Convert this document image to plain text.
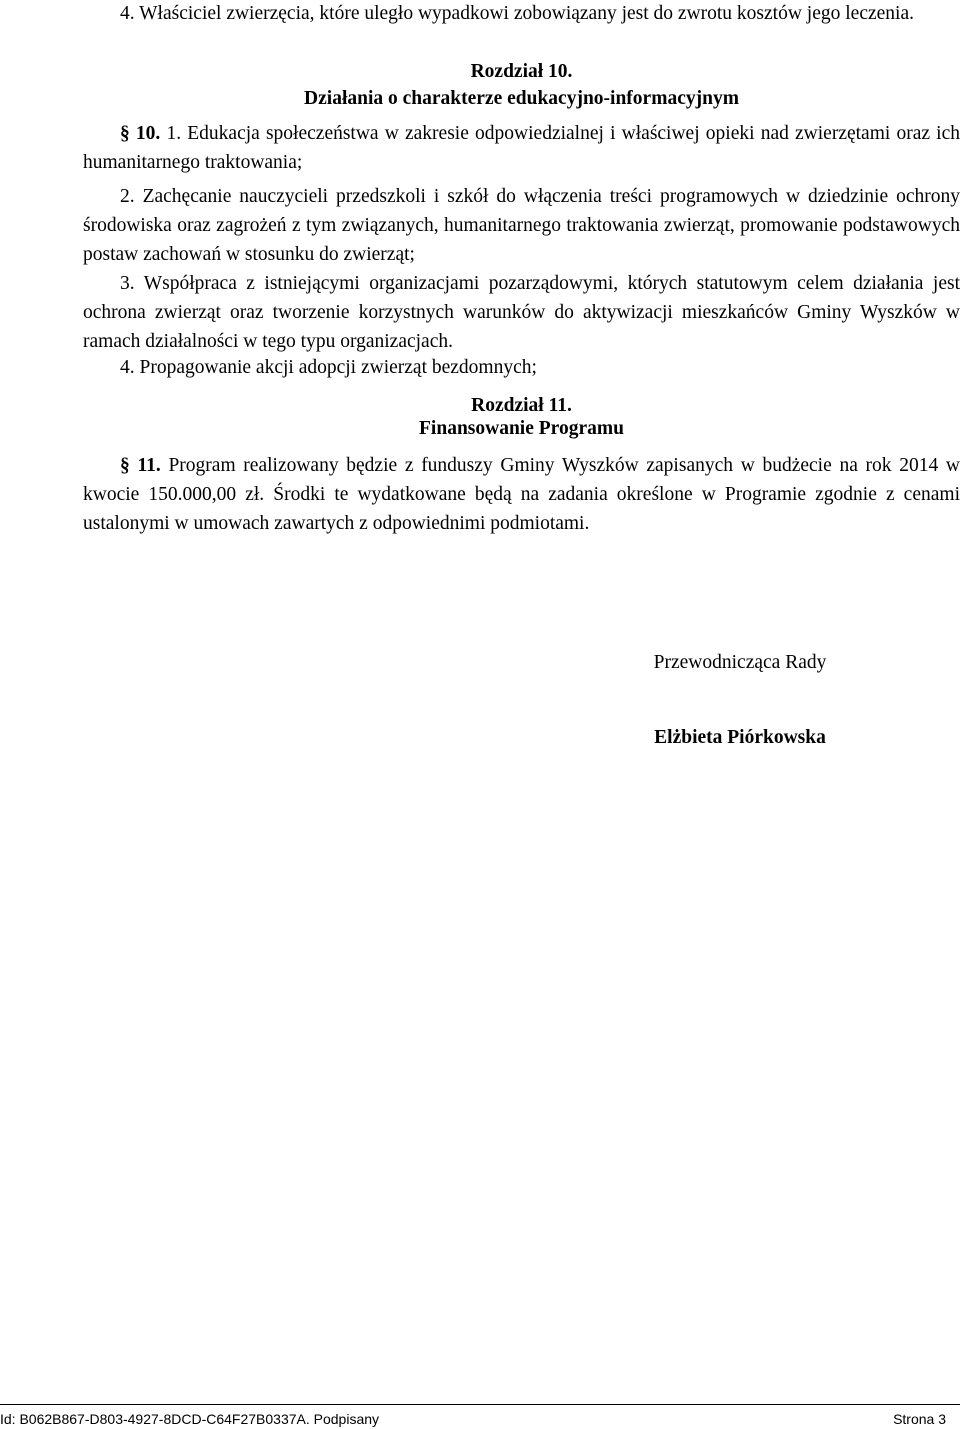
4. Właściciel zwierzęcia, które uległo wypadkowi zobowiązany jest do zwrotu kosztów jego leczenia.
Rozdział 10.
Działania o charakterze edukacyjno-informacyjnym
§ 10. 1. Edukacja społeczeństwa w zakresie odpowiedzialnej i właściwej opieki nad zwierzętami oraz ich humanitarnego traktowania;
2. Zachęcanie nauczycieli przedszkoli i szkół do włączenia treści programowych w dziedzinie ochrony środowiska oraz zagrożeń z tym związanych, humanitarnego traktowania zwierząt, promowanie podstawowych postaw zachowań w stosunku do zwierząt;
3. Współpraca z istniejącymi organizacjami pozarządowymi, których statutowym celem działania jest ochrona zwierząt oraz tworzenie korzystnych warunków do aktywizacji mieszkańców Gminy Wyszków w ramach działalności w tego typu organizacjach.
4. Propagowanie akcji adopcji zwierząt bezdomnych;
Rozdział 11.
Finansowanie Programu
§ 11. Program realizowany będzie z funduszy Gminy Wyszków zapisanych w budżecie na rok 2014 w kwocie 150.000,00 zł. Środki te wydatkowane będą na zadania określone w Programie zgodnie z cenami ustalonymi w umowach zawartych z odpowiednimi podmiotami.
Przewodnicząca Rady
Elżbieta Piórkowska
Id: B062B867-D803-4927-8DCD-C64F27B0337A. Podpisany	Strona 3
